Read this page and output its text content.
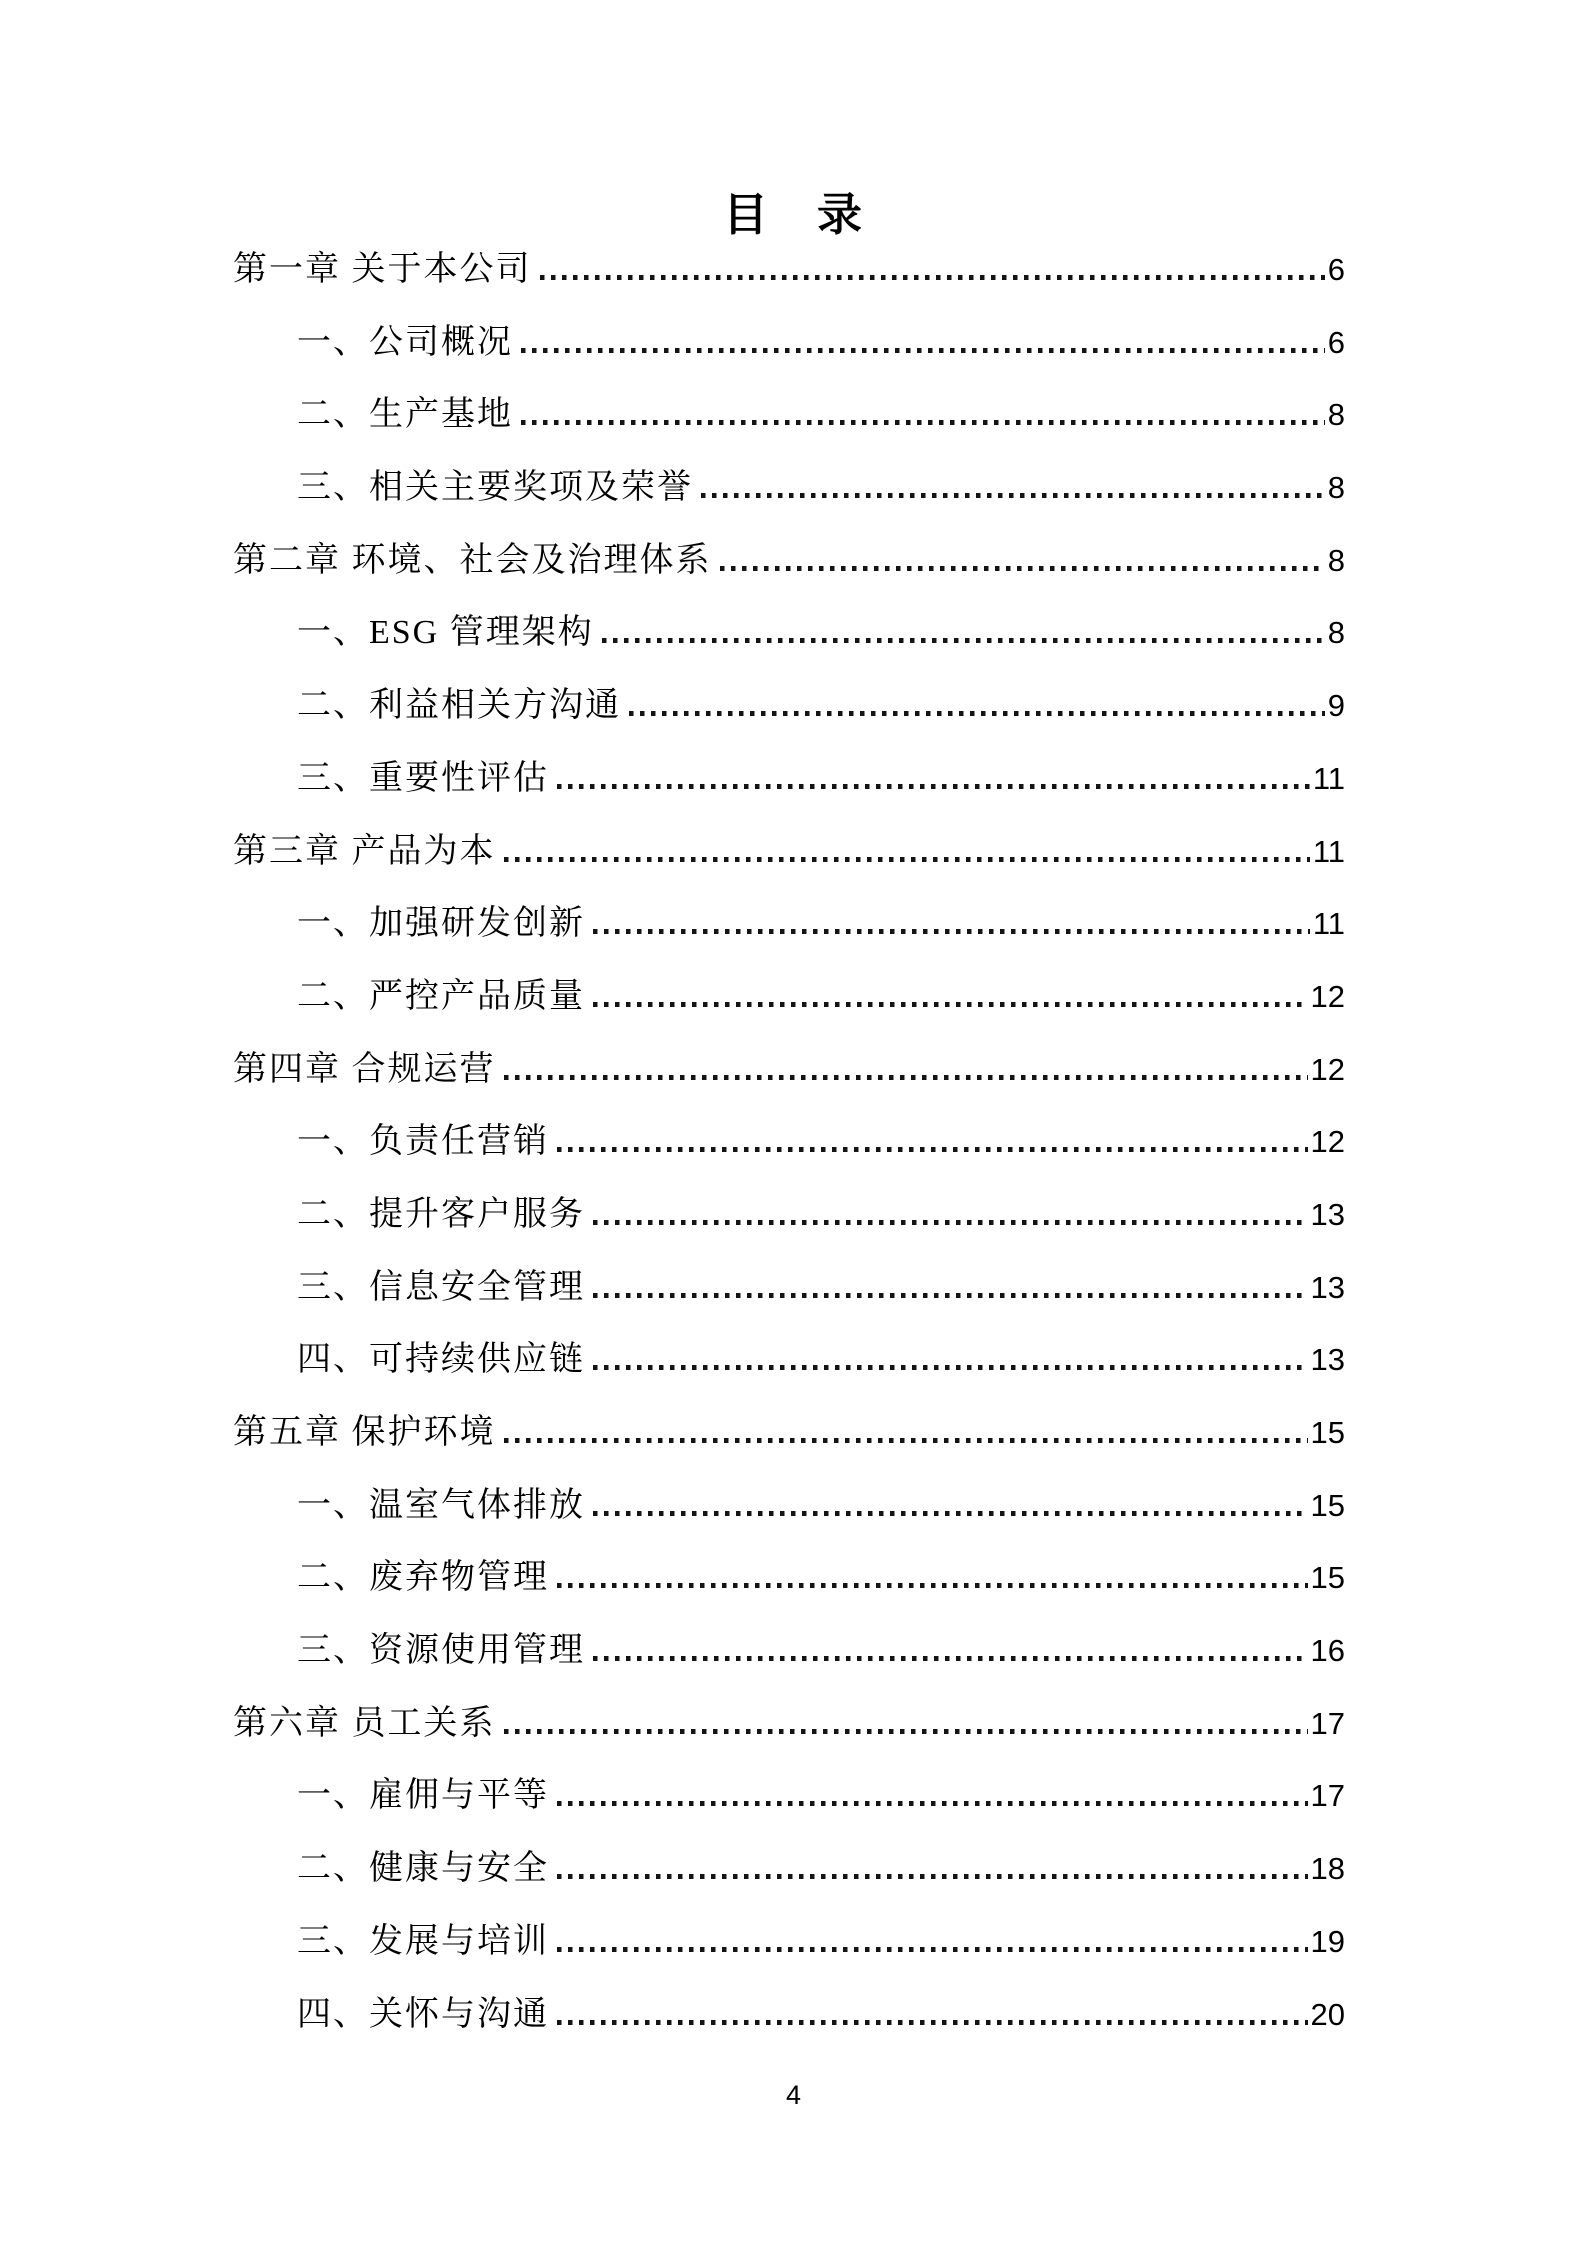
目　录
第一章 关于本公司	6
一、公司概况	6
二、生产基地	8
三、相关主要奖项及荣誉	8
第二章 环境、社会及治理体系	8
一、ESG 管理架构	8
二、利益相关方沟通	9
三、重要性评估	11
第三章 产品为本	11
一、加强研发创新	11
二、严控产品质量	12
第四章 合规运营	12
一、负责任营销	12
二、提升客户服务	13
三、信息安全管理	13
四、可持续供应链	13
第五章 保护环境	15
一、温室气体排放	15
二、废弃物管理	15
三、资源使用管理	16
第六章 员工关系	17
一、雇佣与平等	17
二、健康与安全	18
三、发展与培训	19
四、关怀与沟通	20
4
